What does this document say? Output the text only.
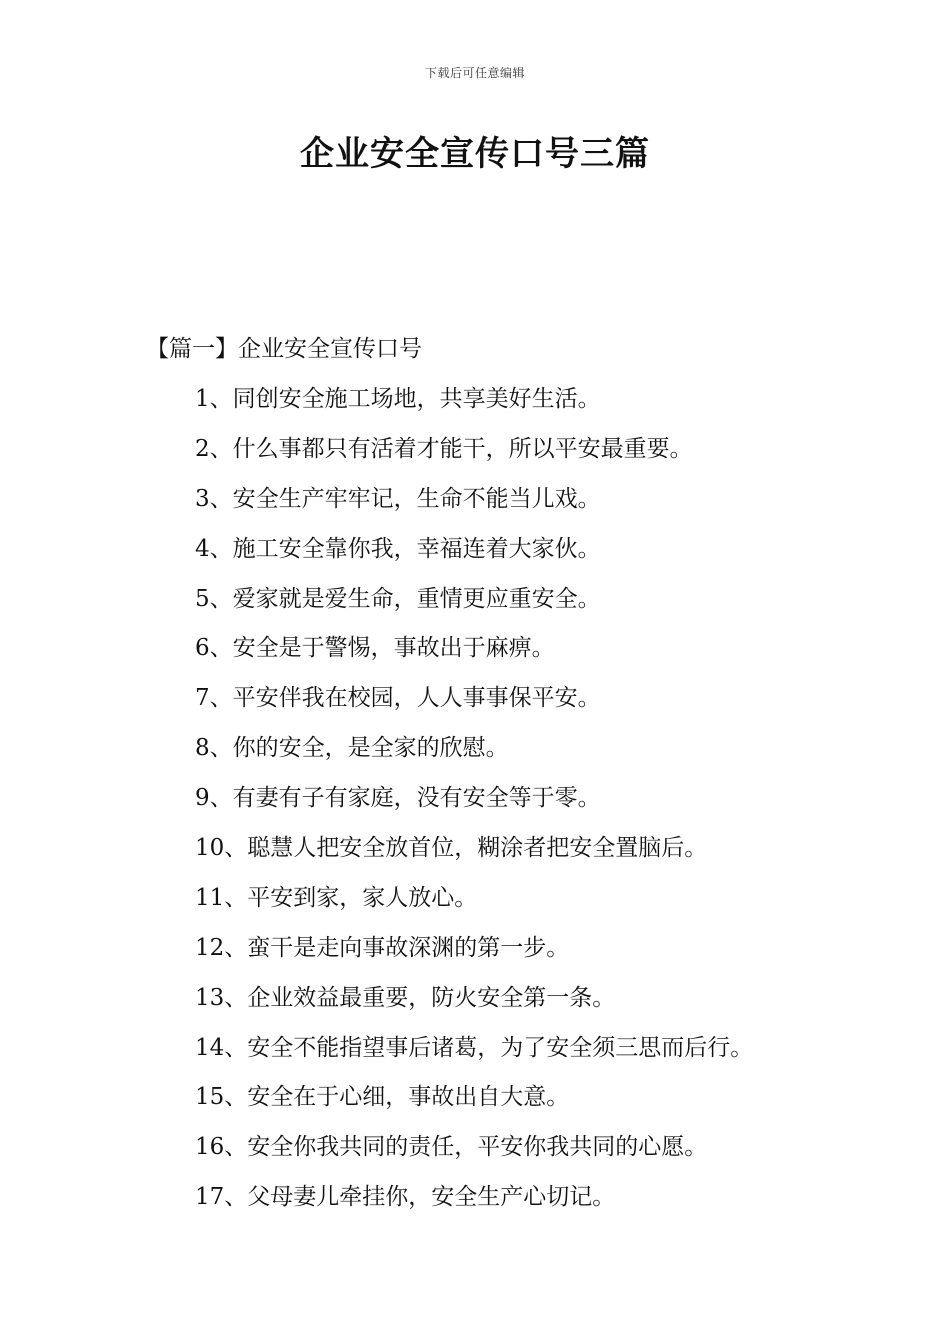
下载后可任意编辑
企业安全宣传口号三篇
【篇一】企业安全宣传口号
1、同创安全施工场地，共享美好生活。
2、什么事都只有活着才能干，所以平安最重要。
3、安全生产牢牢记，生命不能当儿戏。
4、施工安全靠你我，幸福连着大家伙。
5、爱家就是爱生命，重情更应重安全。
6、安全是于警惕，事故出于麻痹。
7、平安伴我在校园，人人事事保平安。
8、你的安全，是全家的欣慰。
9、有妻有子有家庭，没有安全等于零。
10、聪慧人把安全放首位，糊涂者把安全置脑后。
11、平安到家，家人放心。
12、蛮干是走向事故深渊的第一步。
13、企业效益最重要，防火安全第一条。
14、安全不能指望事后诸葛，为了安全须三思而后行。
15、安全在于心细，事故出自大意。
16、安全你我共同的责任，平安你我共同的心愿。
17、父母妻儿牵挂你，安全生产心切记。
